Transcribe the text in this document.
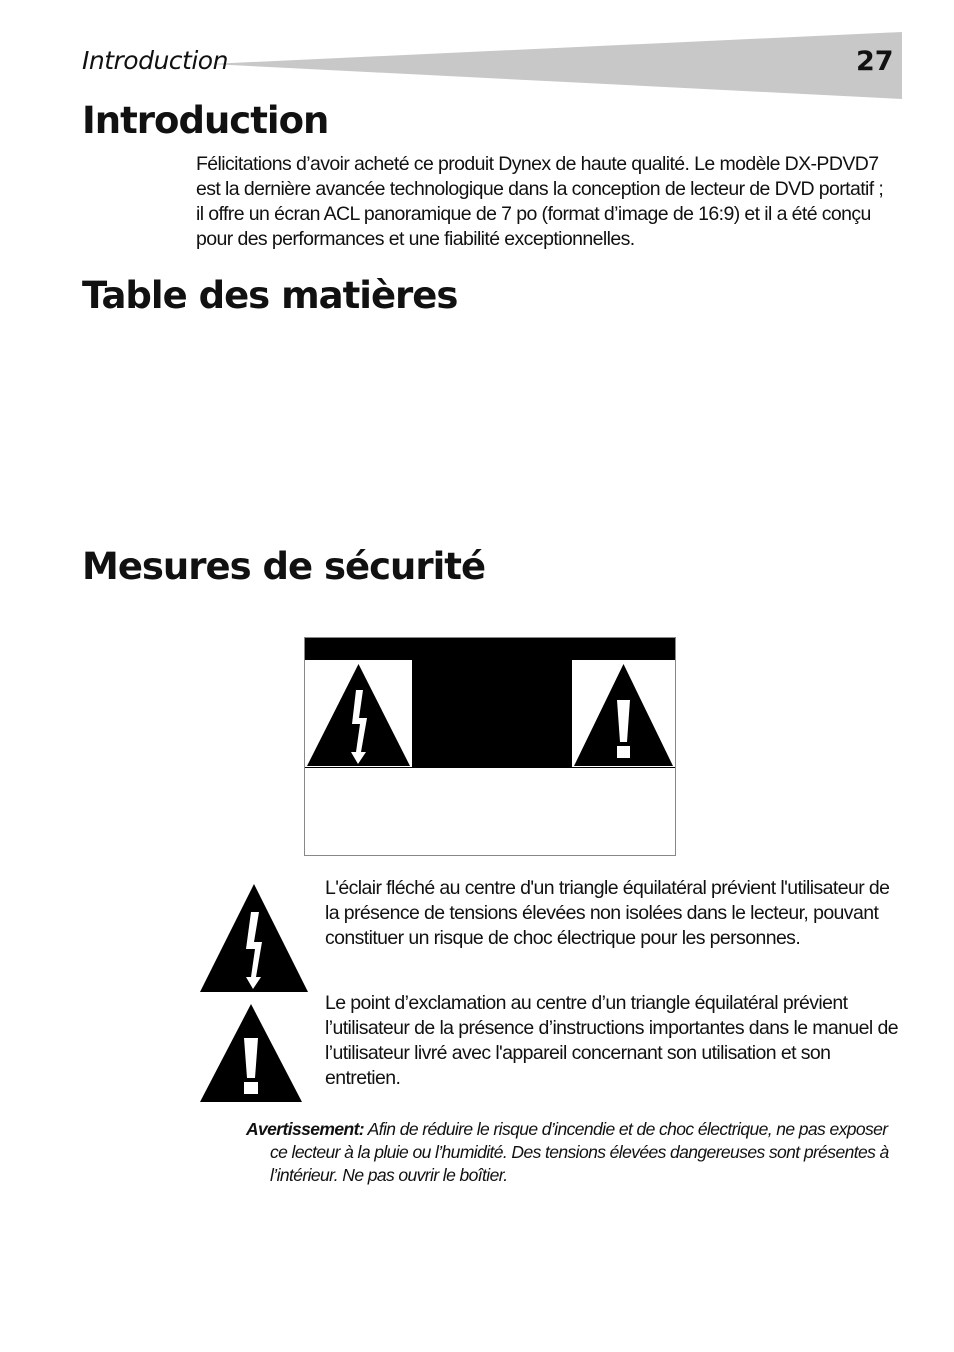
Introduction	27
Introduction
Félicitations d’avoir acheté ce produit Dynex de haute qualité. Le modèle DX-PDVD7 est la dernière avancée technologique dans la conception de lecteur de DVD portatif ; il offre un écran ACL panoramique de 7 po (format d’image de 16:9) et il a été conçu pour des performances et une fiabilité exceptionnelles.
Table des matières
Mesures de sécurité
L'éclair fléché au centre d'un triangle équilatéral prévient l'utilisateur de la présence de tensions élevées non isolées dans le lecteur, pouvant constituer un risque de choc électrique pour les personnes.
Le point d’exclamation au centre d’un triangle équilatéral prévient l’utilisateur de la présence d’instructions importantes dans le manuel de l’utilisateur livré avec l'appareil concernant son utilisation et son entretien.
Avertissement: Afin de réduire le risque d’incendie et de choc électrique, ne pas exposer ce lecteur à la pluie ou l’humidité. Des tensions élevées dangereuses sont présentes à l’intérieur. Ne pas ouvrir le boîtier.
